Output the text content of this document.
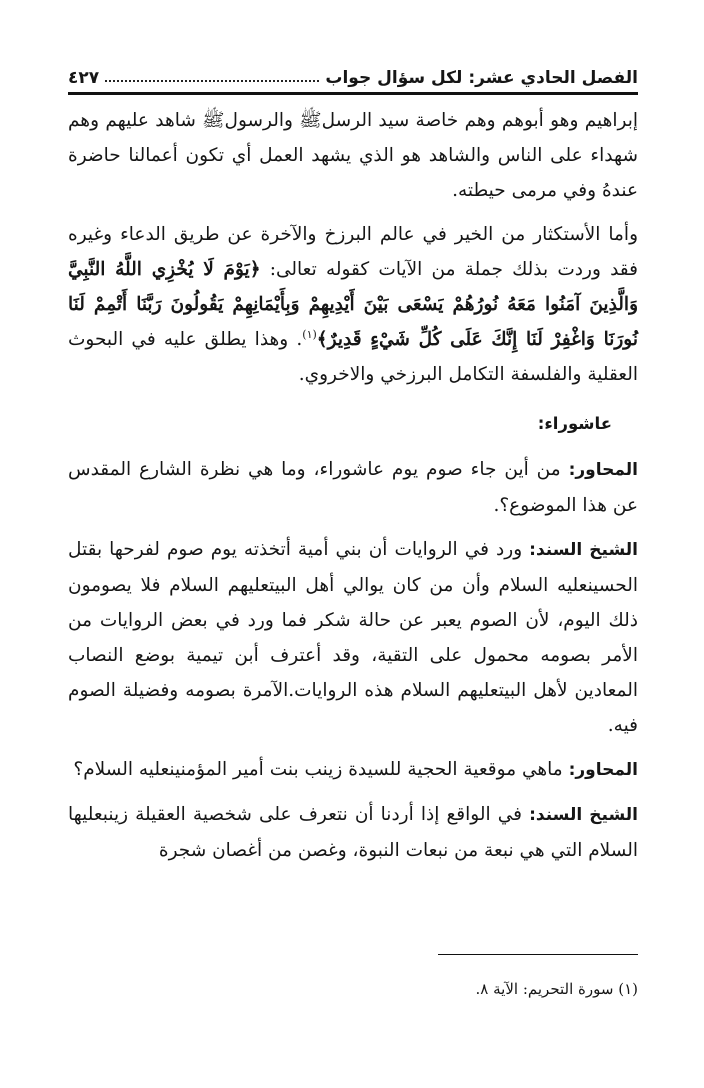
الفصل الحادي عشر: لكل سؤال جواب
٤٢٧

إبراهيم وهو أبوهم وهم خاصة سيد الرسلﷺ والرسولﷺ شاهد عليهم وهم شهداء على الناس والشاهد هو الذي يشهد العمل أي تكون أعمالنا حاضرة عندهُ وفي مرمى حيطته.

وأما الأستكثار من الخير في عالم البرزخ والآخرة عن طريق الدعاء وغيره فقد وردت بذلك جملة من الآيات كقوله تعالى: ﴿يَوْمَ لَا يُخْزِي اللَّهُ النَّبِيَّ وَالَّذِينَ آمَنُوا مَعَهُ نُورُهُمْ يَسْعَى بَيْنَ أَيْدِيهِمْ وَبِأَيْمَانِهِمْ يَقُولُونَ رَبَّنَا أَتْمِمْ لَنَا نُورَنَا وَاغْفِرْ لَنَا إِنَّكَ عَلَى كُلِّ شَيْءٍ قَدِيرٌ﴾$^{(١)}$. وهذا يطلق عليه في البحوث العقلية والفلسفة التكامل البرزخي والاخروي.

عاشوراء:

المحاور: من أين جاء صوم يوم عاشوراء، وما هي نظرة الشارع المقدس عن هذا الموضوع؟.

الشيخ السند: ورد في الروايات أن بني أمية أتخذته يوم صوم لفرحها بقتل الحسينعليه السلام وأن من كان يوالي أهل البيتعليهم السلام فلا يصومون ذلك اليوم، لأن الصوم يعبر عن حالة شكر فما ورد في بعض الروايات من الأمر بصومه محمول على التقية، وقد أعترف أبن تيمية بوضع النصاب المعادين لأهل البيتعليهم السلام هذه الروايات.الآمرة بصومه وفضيلة الصوم فيه.

المحاور: ماهي موقعية الحجية للسيدة زينب بنت أمير المؤمنينعليه السلام؟

الشيخ السند: في الواقع إذا أردنا أن نتعرف على شخصية العقيلة زينبعليها السلام التي هي نبعة من نبعات النبوة، وغصن من أغصان شجرة

(١) سورة التحريم: الآية ٨.
